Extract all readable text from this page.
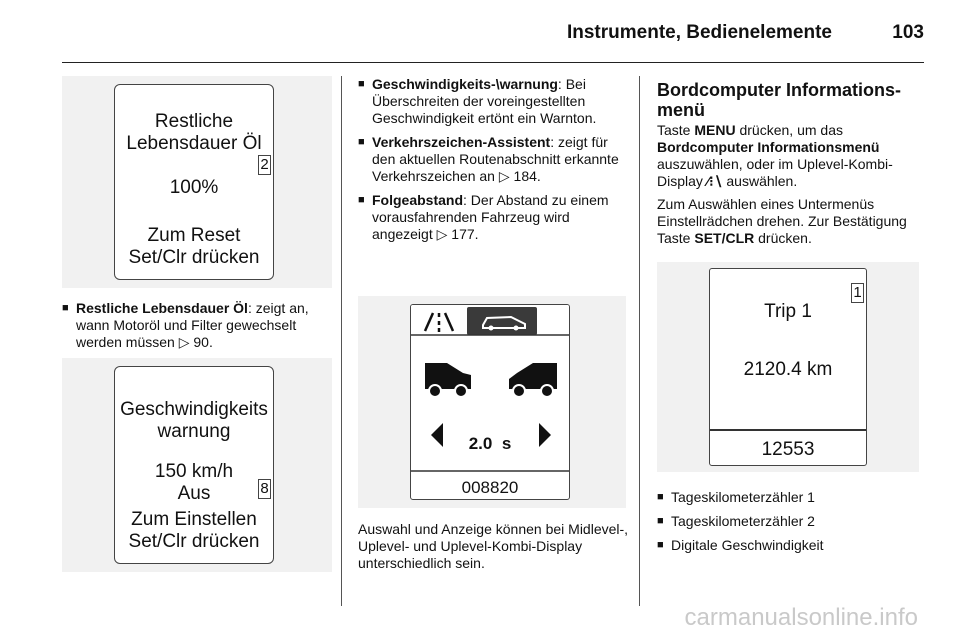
Instrumente, Bedienelemente	103
Restliche
Lebensdauer Öl
100%
Zum Reset
Set/Clr drücken
2
■ Restliche Lebensdauer Öl: zeigt an, wann Motoröl und Filter gewechselt werden müssen ▷ 90.
Geschwindigkeits
warnung
150 km/h
Aus
Zum Einstellen
Set/Clr drücken
8
■ Geschwindigkeits-\warnung: Bei Überschreiten der voreingestellten Geschwindigkeit ertönt ein Warnton.
■ Verkehrszeichen-Assistent: zeigt für den aktuellen Routenabschnitt erkannte Verkehrszeichen an ▷ 184.
■ Folgeabstand: Der Abstand zu einem vorausfahrenden Fahrzeug wird angezeigt ▷ 177.
2.0 s
008820

Auswahl und Anzeige können bei Midlevel-, Uplevel- und Uplevel-Kombi-Display unterschiedlich sein.

Bordcomputer Informations-menü

Taste MENU drücken, um das Bordcomputer Informationsmenü auszuwählen, oder im Uplevel-Kombi-Display ⁄⁝∖ auswählen.

Zum Auswählen eines Untermenüs Einstellrädchen drehen. Zur Bestätigung Taste SET/CLR drücken.

Trip 1
2120.4 km
12553
1
■ Tageskilometerzähler 1
■ Tageskilometerzähler 2
■ Digitale Geschwindigkeit
carmanualsonline.info
